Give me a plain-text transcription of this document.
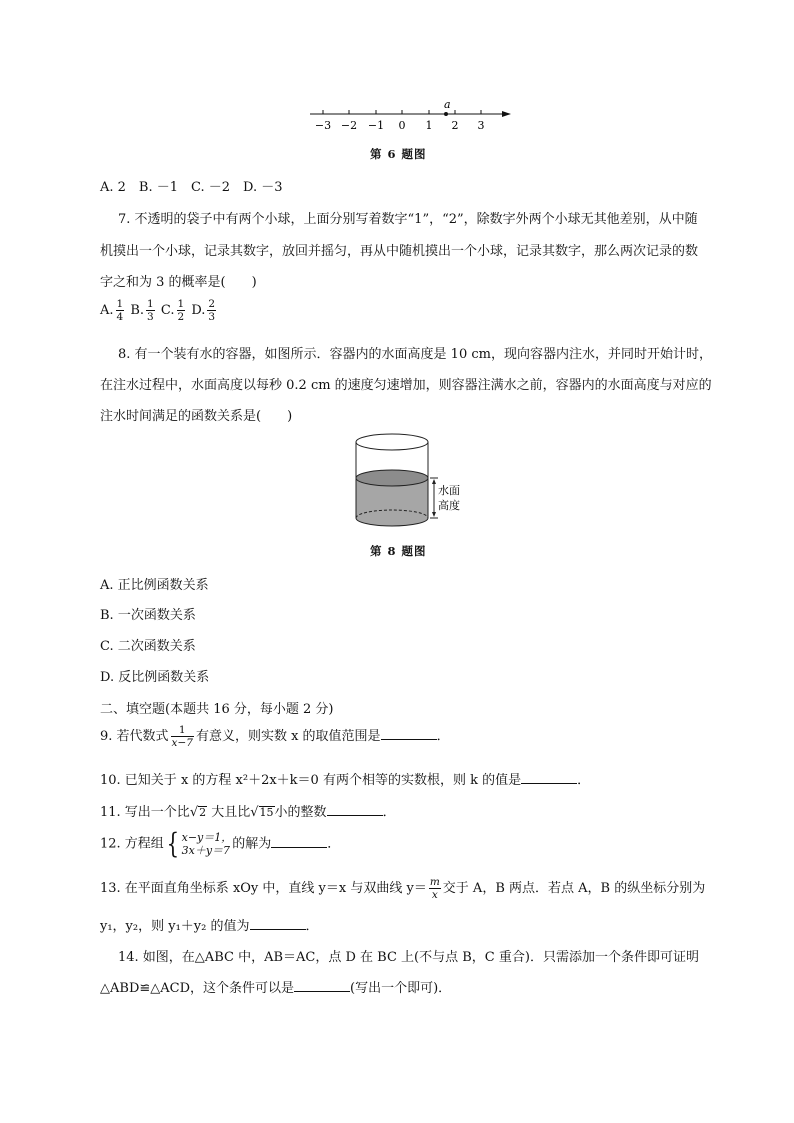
a
−3 −2 −1 0 1 2 3
第 6 题图
A. 2　B. －1　C. －2　D. －3
7. 不透明的袋子中有两个小球，上面分别写着数字“1”，“2”，除数字外两个小球无其他差别，从中随
机摸出一个小球，记录其数字，放回并摇匀，再从中随机摸出一个小球，记录其数字，那么两次记录的数
字之和为 3 的概率是(　　)
A. $\frac{1}{4} B$. $\frac{1}{3} C$. $\frac{1}{2} D$. $\frac{2}{3}$
8. 有一个装有水的容器，如图所示．容器内的水面高度是 10 cm，现向容器内注水，并同时开始计时，
在注水过程中，水面高度以每秒 0.2 cm 的速度匀速增加，则容器注满水之前，容器内的水面高度与对应的
注水时间满足的函数关系是(　　)
水面
高度
第 8 题图
A. 正比例函数关系
B. 一次函数关系
C. 二次函数关系
D. 反比例函数关系
二、填空题(本题共 16 分，每小题 2 分)
9. 若代数式 $\frac{1}{x-7}$ 有意义，则实数 x 的取值范围是	．
10. 已知关于 x 的方程 x²＋2x＋k＝0 有两个相等的实数根，则 k 的值是	．
11. 写出一个比√2 大且比√15小的整数	．
12. 方程组{ x−y＝1，
3x＋y＝7 的解为	．
13. 在平面直角坐标系 xOy 中，直线 y＝x 与双曲线 $y= \frac{m}{x}$ 交于 A，B 两点．若点 A，B 的纵坐标分别为
y₁，y₂，则 y₁＋y₂ 的值为	．
14. 如图，在△ABC 中，AB＝AC，点 D 在 BC 上(不与点 B，C 重合)．只需添加一个条件即可证明
△ABD≌△ACD，这个条件可以是	(写出一个即可)．
